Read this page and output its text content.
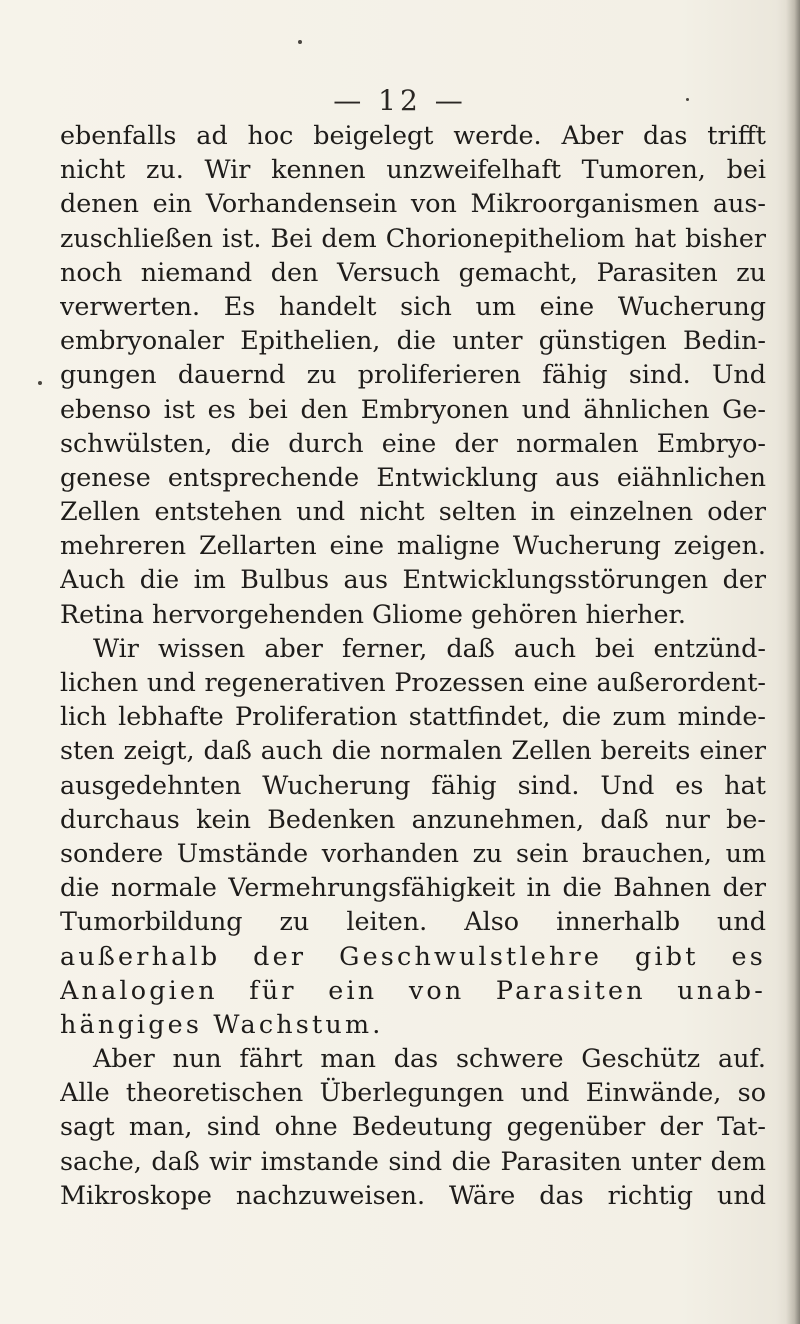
— 12 —
ebenfalls ad hoc beigelegt werde. Aber das trifft
nicht zu. Wir kennen unzweifelhaft Tumoren, bei
denen ein Vorhandensein von Mikroorganismen aus-
zuschließen ist. Bei dem Chorionepitheliom hat bisher
noch niemand den Versuch gemacht, Parasiten zu
verwerten. Es handelt sich um eine Wucherung
embryonaler Epithelien, die unter günstigen Bedin-
gungen dauernd zu proliferieren fähig sind. Und
ebenso ist es bei den Embryonen und ähnlichen Ge-
schwülsten, die durch eine der normalen Embryo-
genese entsprechende Entwicklung aus eiähnlichen
Zellen entstehen und nicht selten in einzelnen oder
mehreren Zellarten eine maligne Wucherung zeigen.
Auch die im Bulbus aus Entwicklungsstörungen der
Retina hervorgehenden Gliome gehören hierher.
Wir wissen aber ferner, daß auch bei entzünd-
lichen und regenerativen Prozessen eine außerordent-
lich lebhafte Proliferation stattfindet, die zum minde-
sten zeigt, daß auch die normalen Zellen bereits einer
ausgedehnten Wucherung fähig sind. Und es hat
durchaus kein Bedenken anzunehmen, daß nur be-
sondere Umstände vorhanden zu sein brauchen, um
die normale Vermehrungsfähigkeit in die Bahnen der
Tumorbildung zu leiten. Also innerhalb und
außerhalb der Geschwulstlehre gibt es
Analogien für ein von Parasiten unab-
hängiges Wachstum.
Aber nun fährt man das schwere Geschütz auf.
Alle theoretischen Überlegungen und Einwände, so
sagt man, sind ohne Bedeutung gegenüber der Tat-
sache, daß wir imstande sind die Parasiten unter dem
Mikroskope nachzuweisen. Wäre das richtig und
